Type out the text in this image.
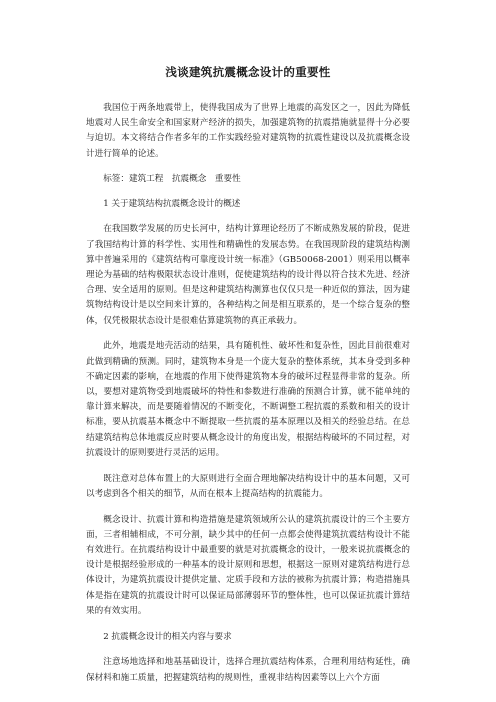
浅谈建筑抗震概念设计的重要性
我国位于两条地震带上，使得我国成为了世界上地震的高发区之一，因此为降低地震对人民生命安全和国家财产经济的损失，加强建筑物的抗震措施就显得十分必要与迫切。本文将结合作者多年的工作实践经验对建筑物的抗震性建设以及抗震概念设计进行简单的论述。
标签：建筑工程　抗震概念　重要性
1 关于建筑结构抗震概念设计的概述
在我国数学发展的历史长河中，结构计算理论经历了不断成熟发展的阶段，促进了我国结构计算的科学性、实用性和精确性的发展态势。在我国现阶段的建筑结构测算中普遍采用的《建筑结构可靠度设计统一标准》（GB50068-2001）则采用以概率理论为基础的结构极限状态设计准则，促使建筑结构的设计得以符合技术先进、经济合理、安全适用的原则。但是这种建筑结构测算也仅仅只是一种近似的算法，因为建筑物结构设计是以空间来计算的，各种结构之间是相互联系的，是一个综合复杂的整体，仅凭极限状态设计是很难估算建筑物的真正承载力。
此外，地震是地壳活动的结果，具有随机性、破坏性和复杂性，因此目前很难对此做到精确的预测。同时，建筑物本身是一个庞大复杂的整体系统，其本身受到多种不确定因素的影响，在地震的作用下使得建筑物本身的破坏过程显得非常的复杂。所以，要想对建筑物受到地震破坏的特性和参数进行准确的预测合计算，就不能单纯的靠计算来解决，而是要随着情况的不断变化，不断调整工程抗震的系数和相关的设计标准，要从抗震基本概念中不断提取一些抗震的基本原理以及相关的经验总结。在总结建筑结构总体地震反应时要从概念设计的角度出发，根据结构破坏的不同过程，对抗震设计的原则要进行灵活的运用。
既注意对总体布置上的大原则进行全面合理地解决结构设计中的基本问题，又可以考虑到各个相关的细节，从而在根本上提高结构的抗震能力。
概念设计、抗震计算和构造措施是建筑领域所公认的建筑抗震设计的三个主要方面，三者相辅相成，不可分割，缺少其中的任何一点都会使得建筑抗震结构设计不能有效进行。在抗震结构设计中最重要的就是对抗震概念的设计，一般来说抗震概念的设计是根据经验形成的一种基本的设计原则和思想，根据这一原则对建筑结构进行总体设计，为建筑抗震设计提供定量、定质手段和方法的被称为抗震计算；构造措施具体是指在建筑的抗震设计时可以保证局部薄弱环节的整体性，也可以保证抗震计算结果的有效实用。
2 抗震概念设计的相关内容与要求
注意场地选择和地基基础设计，选择合理抗震结构体系，合理利用结构延性，确保材料和施工质量，把握建筑结构的规则性，重视非结构因素等以上六个方面
